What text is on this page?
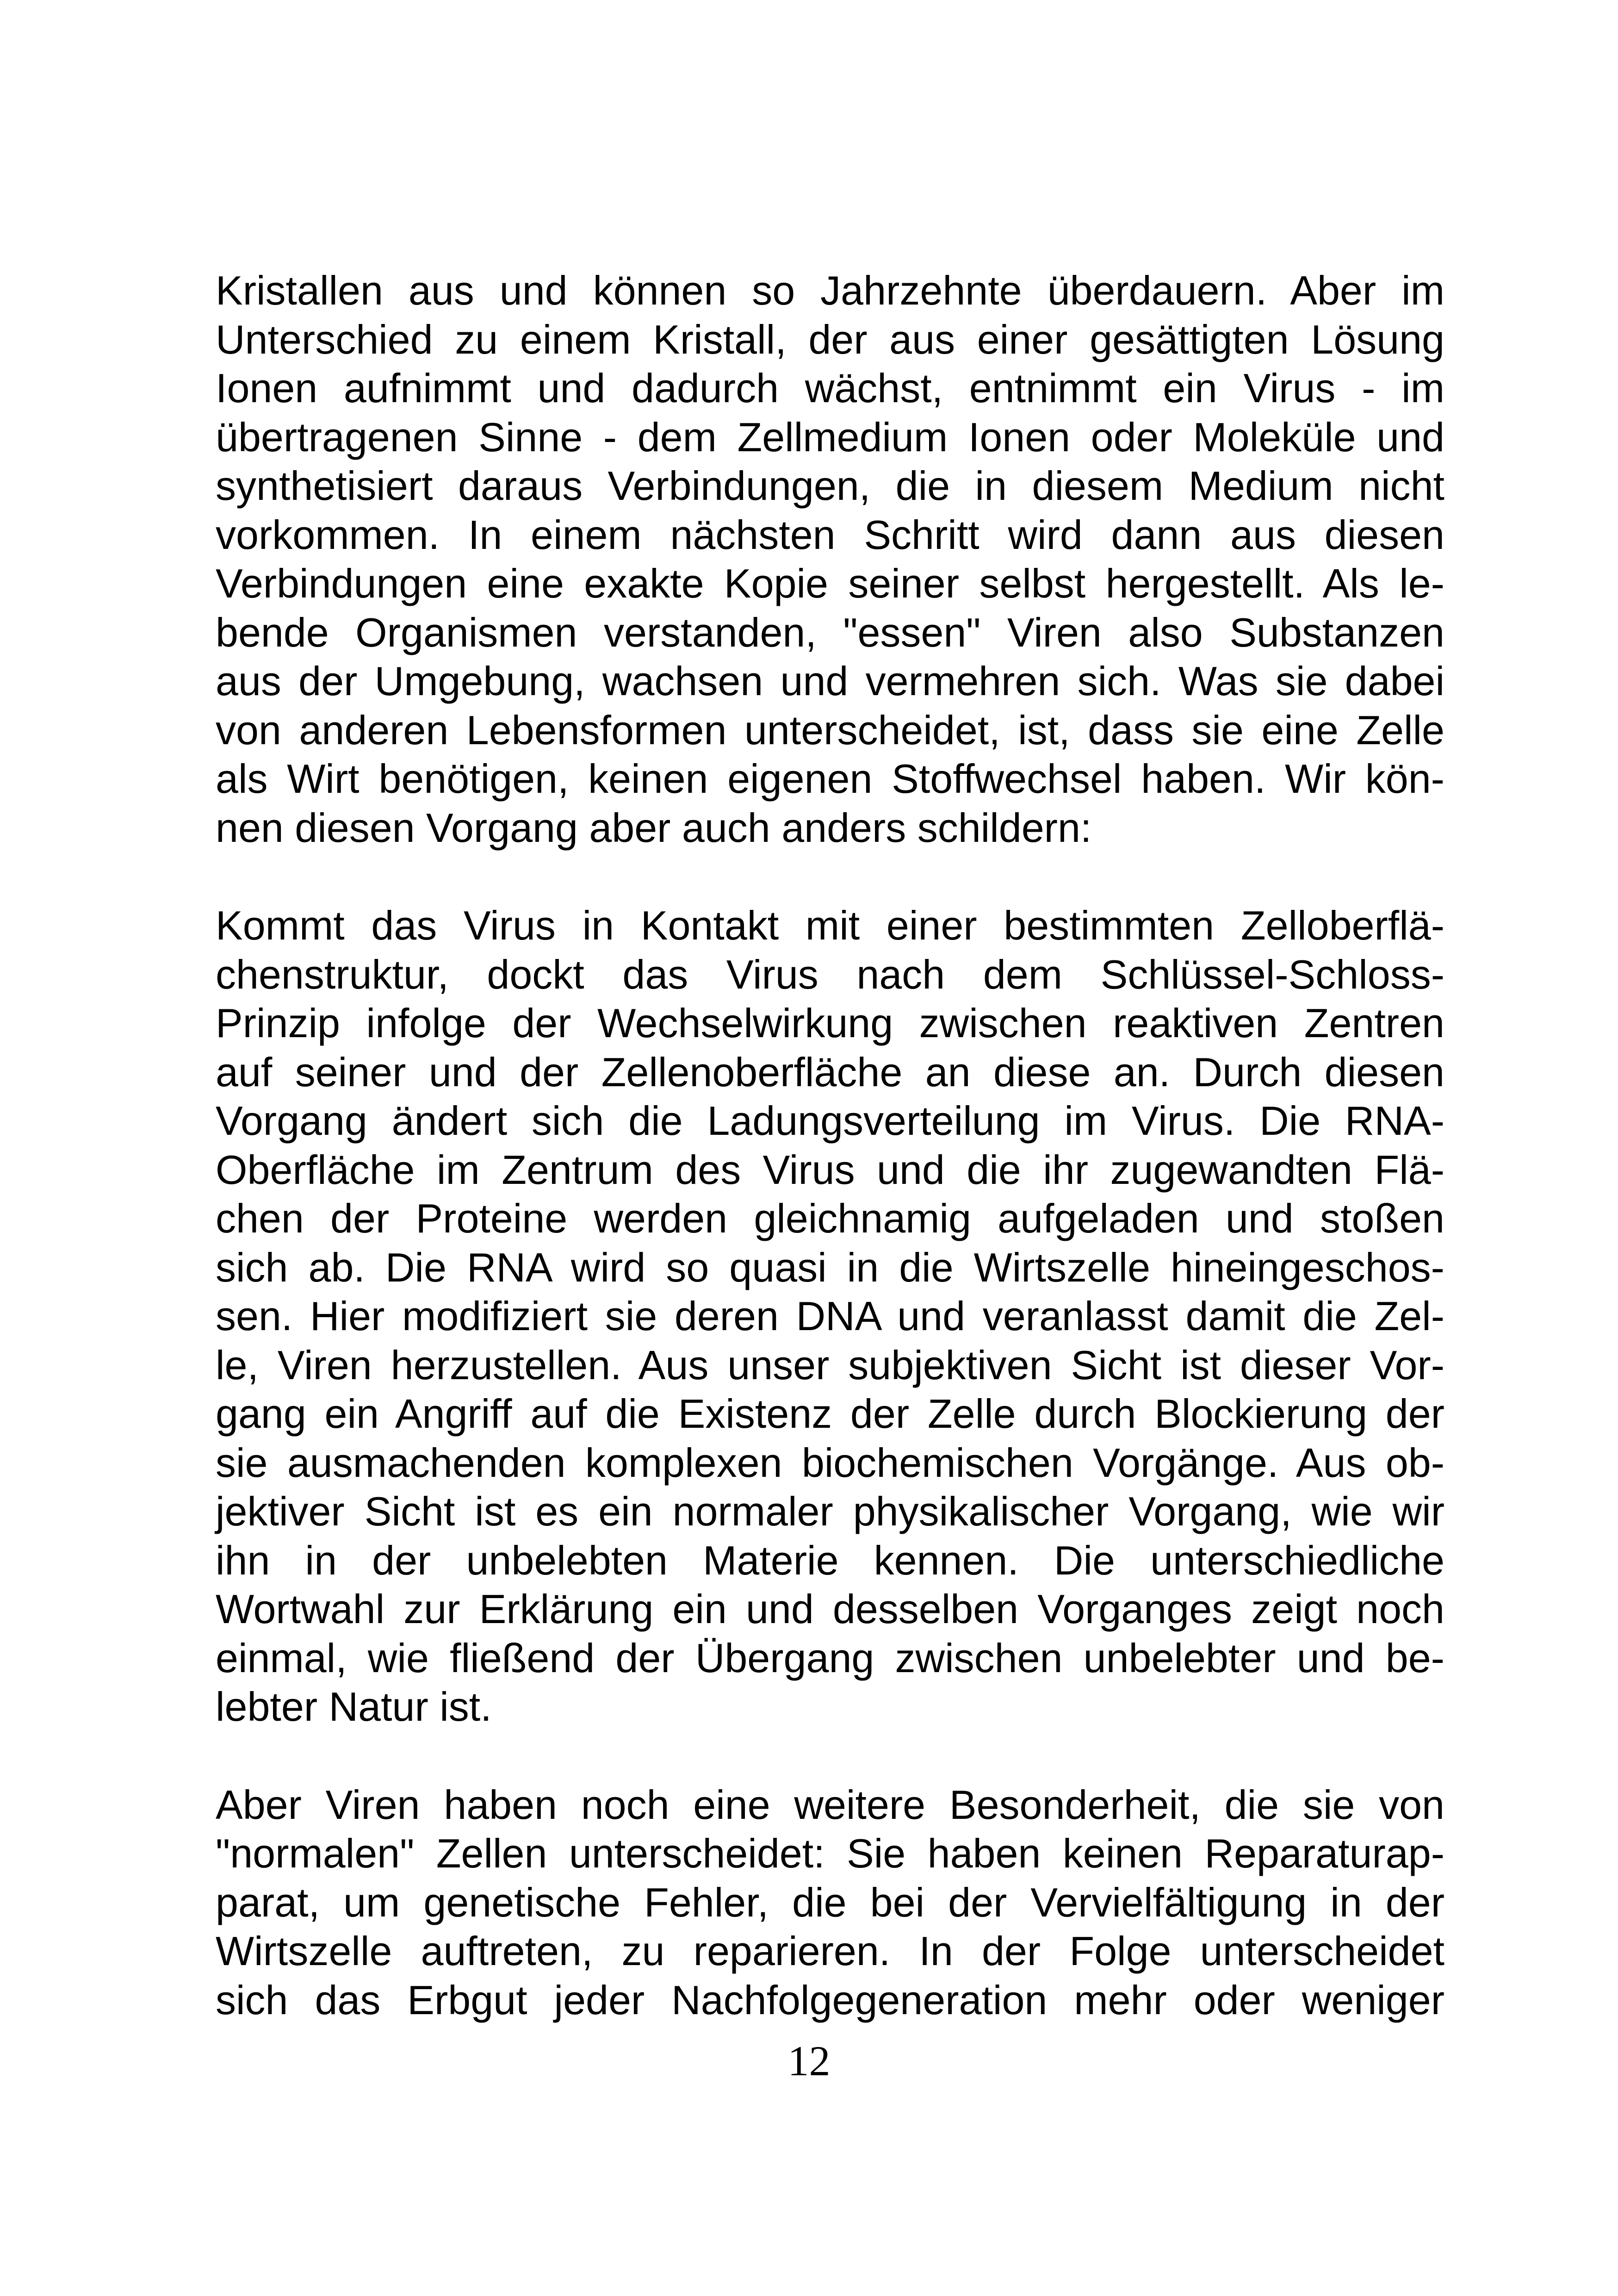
Kristallen aus und können so Jahrzehnte überdauern. Aber im
Unterschied zu einem Kristall, der aus einer gesättigten Lösung
Ionen aufnimmt und dadurch wächst, entnimmt ein Virus - im
übertragenen Sinne - dem Zellmedium Ionen oder Moleküle und
synthetisiert daraus Verbindungen, die in diesem Medium nicht
vorkommen. In einem nächsten Schritt wird dann aus diesen
Verbindungen eine exakte Kopie seiner selbst hergestellt. Als le-
bende Organismen verstanden, "essen" Viren also Substanzen
aus der Umgebung, wachsen und vermehren sich. Was sie dabei
von anderen Lebensformen unterscheidet, ist, dass sie eine Zelle
als Wirt benötigen, keinen eigenen Stoffwechsel haben. Wir kön-
nen diesen Vorgang aber auch anders schildern:
Kommt das Virus in Kontakt mit einer bestimmten Zelloberflä-
chenstruktur, dockt das Virus nach dem Schlüssel-Schloss-
Prinzip infolge der Wechselwirkung zwischen reaktiven Zentren
auf seiner und der Zellenoberfläche an diese an. Durch diesen
Vorgang ändert sich die Ladungsverteilung im Virus. Die RNA-
Oberfläche im Zentrum des Virus und die ihr zugewandten Flä-
chen der Proteine werden gleichnamig aufgeladen und stoßen
sich ab. Die RNA wird so quasi in die Wirtszelle hineingeschos-
sen. Hier modifiziert sie deren DNA und veranlasst damit die Zel-
le, Viren herzustellen. Aus unser subjektiven Sicht ist dieser Vor-
gang ein Angriff auf die Existenz der Zelle durch Blockierung der
sie ausmachenden komplexen biochemischen Vorgänge. Aus ob-
jektiver Sicht ist es ein normaler physikalischer Vorgang, wie wir
ihn in der unbelebten Materie kennen. Die unterschiedliche
Wortwahl zur Erklärung ein und desselben Vorganges zeigt noch
einmal, wie fließend der Übergang zwischen unbelebter und be-
lebter Natur ist.
Aber Viren haben noch eine weitere Besonderheit, die sie von
"normalen" Zellen unterscheidet: Sie haben keinen Reparaturap-
parat, um genetische Fehler, die bei der Vervielfältigung in der
Wirtszelle auftreten, zu reparieren. In der Folge unterscheidet
sich das Erbgut jeder Nachfolgegeneration mehr oder weniger
12
